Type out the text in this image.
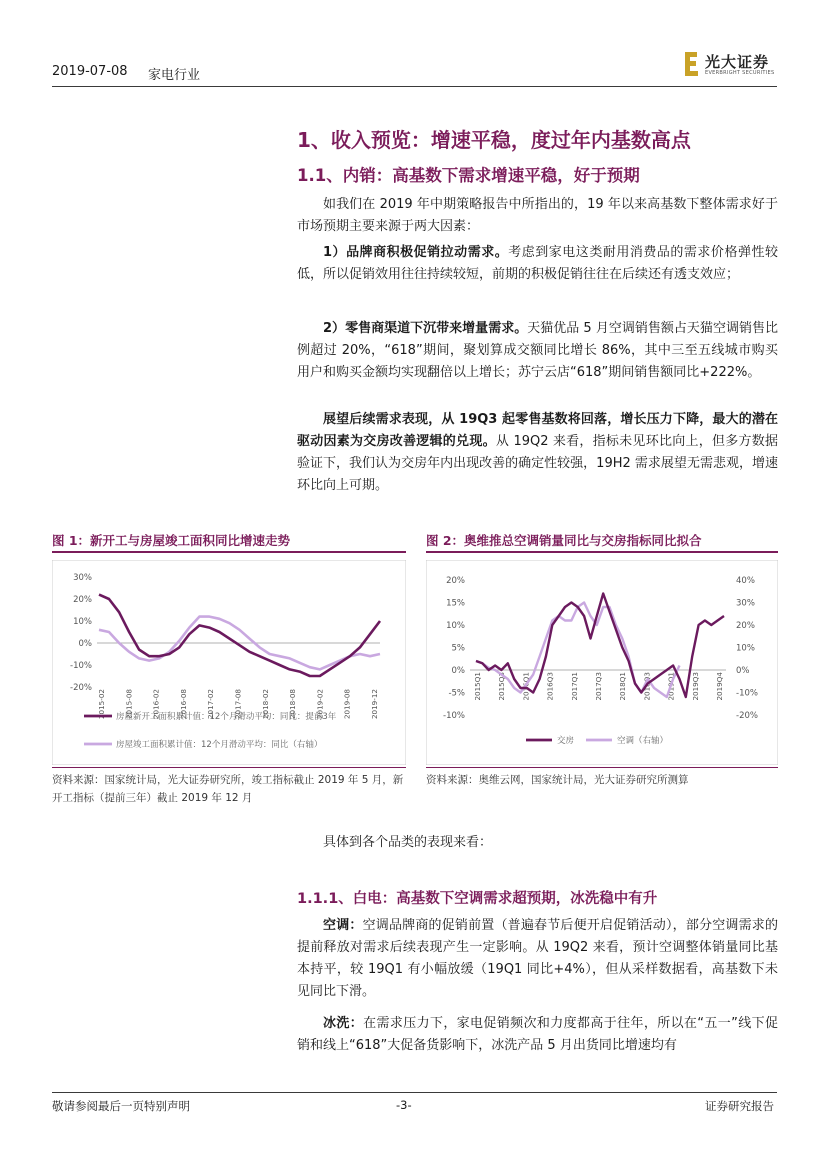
2019-07-08 家电行业
光大证券
EVERBRIGHT SECURITIES
1、收入预览：增速平稳，度过年内基数高点
1.1、内销：高基数下需求增速平稳，好于预期
如我们在 2019 年中期策略报告中所指出的，19 年以来高基数下整体需求好于市场预期主要来源于两大因素：
1）品牌商积极促销拉动需求。考虑到家电这类耐用消费品的需求价格弹性较低，所以促销效用往往持续较短，前期的积极促销往往在后续还有透支效应；
2）零售商渠道下沉带来增量需求。天猫优品 5 月空调销售额占天猫空调销售比例超过 20%，“618”期间，聚划算成交额同比增长 86%，其中三至五线城市购买用户和购买金额均实现翻倍以上增长；苏宁云店“618”期间销售额同比+222%。
展望后续需求表现，从 19Q3 起零售基数将回落，增长压力下降，最大的潜在驱动因素为交房改善逻辑的兑现。从 19Q2 来看，指标未见环比向上，但多方数据验证下，我们认为交房年内出现改善的确定性较强，19H2 需求展望无需悲观，增速环比向上可期。
图 1：新开工与房屋竣工面积同比增速走势
30%
20%
10%
0%
-10%
-20%
2015-02	2015-08	2016-02	2016-08	2017-02	2017-08	2018-02	2018-08	2019-02	2019-08	2019-12
房屋新开工面积累计值：12个月滑动平均：同比：提前3年
房屋竣工面积累计值：12个月滑动平均：同比（右轴）
资料来源：国家统计局，光大证券研究所，竣工指标截止 2019 年 5 月，新开工指标（提前三年）截止 2019 年 12 月
图 2：奥维推总空调销量同比与交房指标同比拟合
20%
15%
10%
5%
0%
-5%
-10%
40%
30%
20%
10%
0%
-10%
-20%
2015Q1 2015Q3 2016Q1 2016Q3 2017Q1 2017Q3 2018Q1 2018Q3 2019Q1 2019Q3 2019Q4
交房	空调（右轴）
资料来源：奥维云网，国家统计局，光大证券研究所测算
具体到各个品类的表现来看：
1.1.1、白电：高基数下空调需求超预期，冰洗稳中有升
空调：空调品牌商的促销前置（普遍春节后便开启促销活动），部分空调需求的提前释放对需求后续表现产生一定影响。从 19Q2 来看，预计空调整体销量同比基本持平，较 19Q1 有小幅放缓（19Q1 同比+4%），但从采样数据看，高基数下未见同比下滑。
冰洗：在需求压力下，家电促销频次和力度都高于往年，所以在“五一”线下促销和线上“618”大促备货影响下，冰洗产品 5 月出货同比增速均有
敬请参阅最后一页特别声明	-3-	证券研究报告
